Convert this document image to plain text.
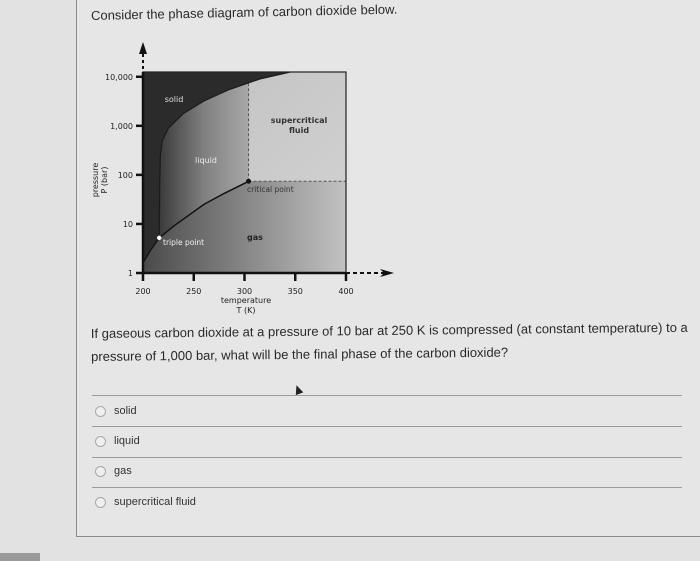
Consider the phase diagram of carbon dioxide below.
200	250	300	350	400
1
10
100
1,000
10,000
solid
liquid
supercritical
fluid
gas
triple point
critical point
temperature
T (K)
pressure P (bar)
If gaseous carbon dioxide at a pressure of 10 bar at 250 K is compressed (at constant temperature) to a
pressure of 1,000 bar, what will be the final phase of the carbon dioxide?
solid
liquid
gas
supercritical fluid
